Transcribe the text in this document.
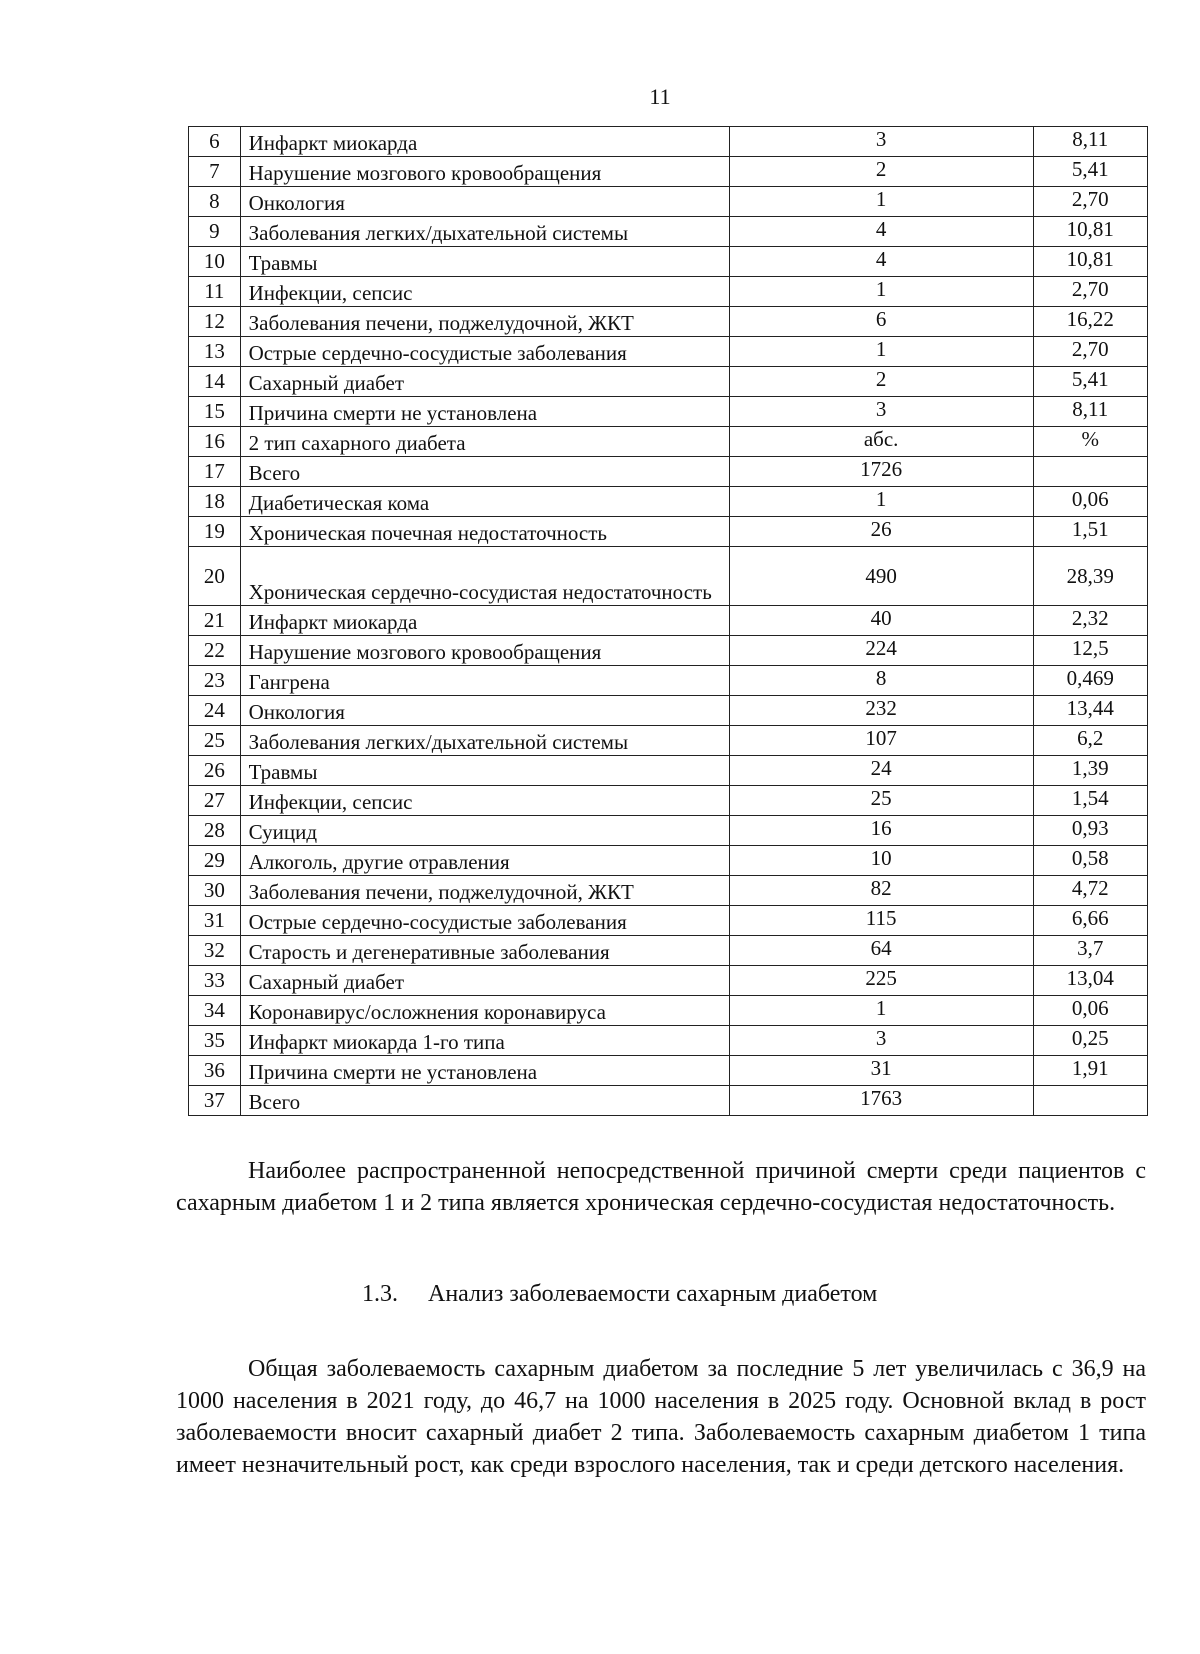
11
6	Инфаркт миокарда	3	8,11
7	Нарушение мозгового кровообращения	2	5,41
8	Онкология	1	2,70
9	Заболевания легких/дыхательной системы	4	10,81
10	Травмы	4	10,81
11	Инфекции, сепсис	1	2,70
12	Заболевания печени, поджелудочной, ЖКТ	6	16,22
13	Острые сердечно-сосудистые заболевания	1	2,70
14	Сахарный диабет	2	5,41
15	Причина смерти не установлена	3	8,11
16	2 тип сахарного диабета	абс.	%
17	Всего	1726	
18	Диабетическая кома	1	0,06
19	Хроническая почечная недостаточность	26	1,51
20	Хроническая сердечно-сосудистая недостаточность	490	28,39
21	Инфаркт миокарда	40	2,32
22	Нарушение мозгового кровообращения	224	12,5
23	Гангрена	8	0,469
24	Онкология	232	13,44
25	Заболевания легких/дыхательной системы	107	6,2
26	Травмы	24	1,39
27	Инфекции, сепсис	25	1,54
28	Суицид	16	0,93
29	Алкоголь, другие отравления	10	0,58
30	Заболевания печени, поджелудочной, ЖКТ	82	4,72
31	Острые сердечно-сосудистые заболевания	115	6,66
32	Старость и дегенеративные заболевания	64	3,7
33	Сахарный диабет	225	13,04
34	Коронавирус/осложнения коронавируса	1	0,06
35	Инфаркт миокарда 1-го типа	3	0,25
36	Причина смерти не установлена	31	1,91
37	Всего	1763	

Наиболее распространенной непосредственной причиной смерти среди пациентов с сахарным диабетом 1 и 2 типа является хроническая сердечно-сосудистая недостаточность.

1.3. Анализ заболеваемости сахарным диабетом

Общая заболеваемость сахарным диабетом за последние 5 лет увеличилась с 36,9 на 1000 населения в 2021 году, до 46,7 на 1000 населения в 2025 году. Основной вклад в рост заболеваемости вносит сахарный диабет 2 типа. Заболеваемость сахарным диабетом 1 типа имеет незначительный рост, как среди взрослого населения, так и среди детского населения.
